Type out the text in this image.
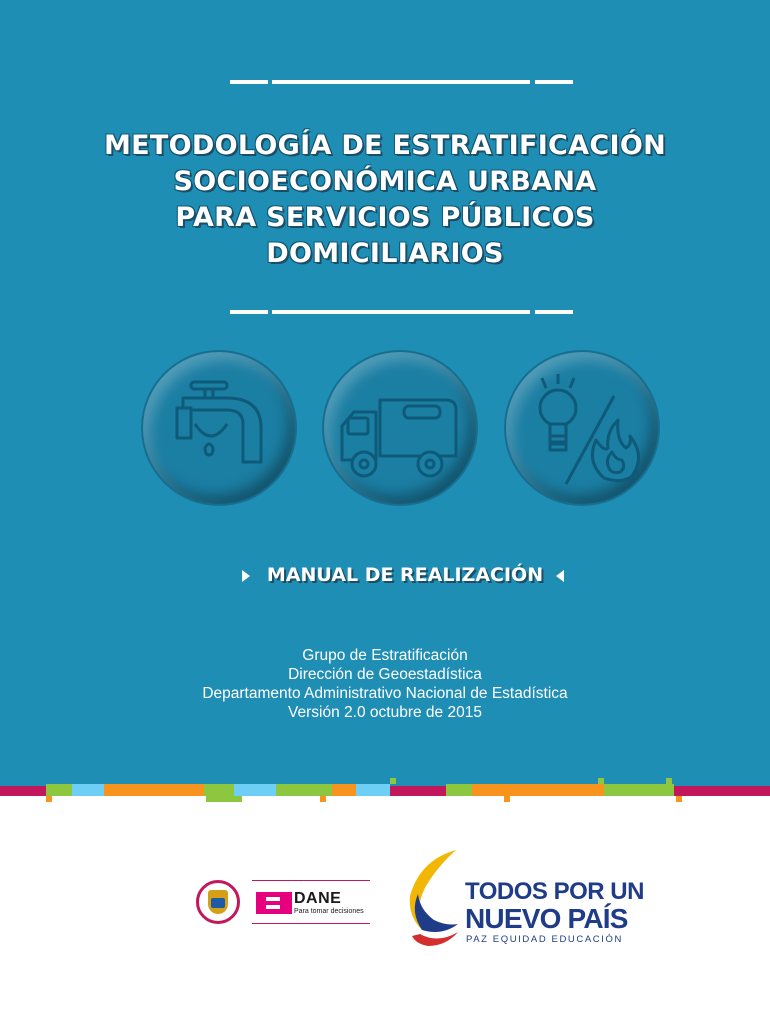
METODOLOGÍA DE ESTRATIFICACIÓN
SOCIOECONÓMICA URBANA
PARA SERVICIOS PÚBLICOS
DOMICILIARIOS
MANUAL DE REALIZACIÓN
Grupo de Estratificación
Dirección de Geoestadística
Departamento Administrativo Nacional de Estadística
Versión 2.0 octubre de 2015
DANE
Para tomar decisiones
TODOS POR UN
NUEVO PAÍS
PAZ EQUIDAD EDUCACIÓN
